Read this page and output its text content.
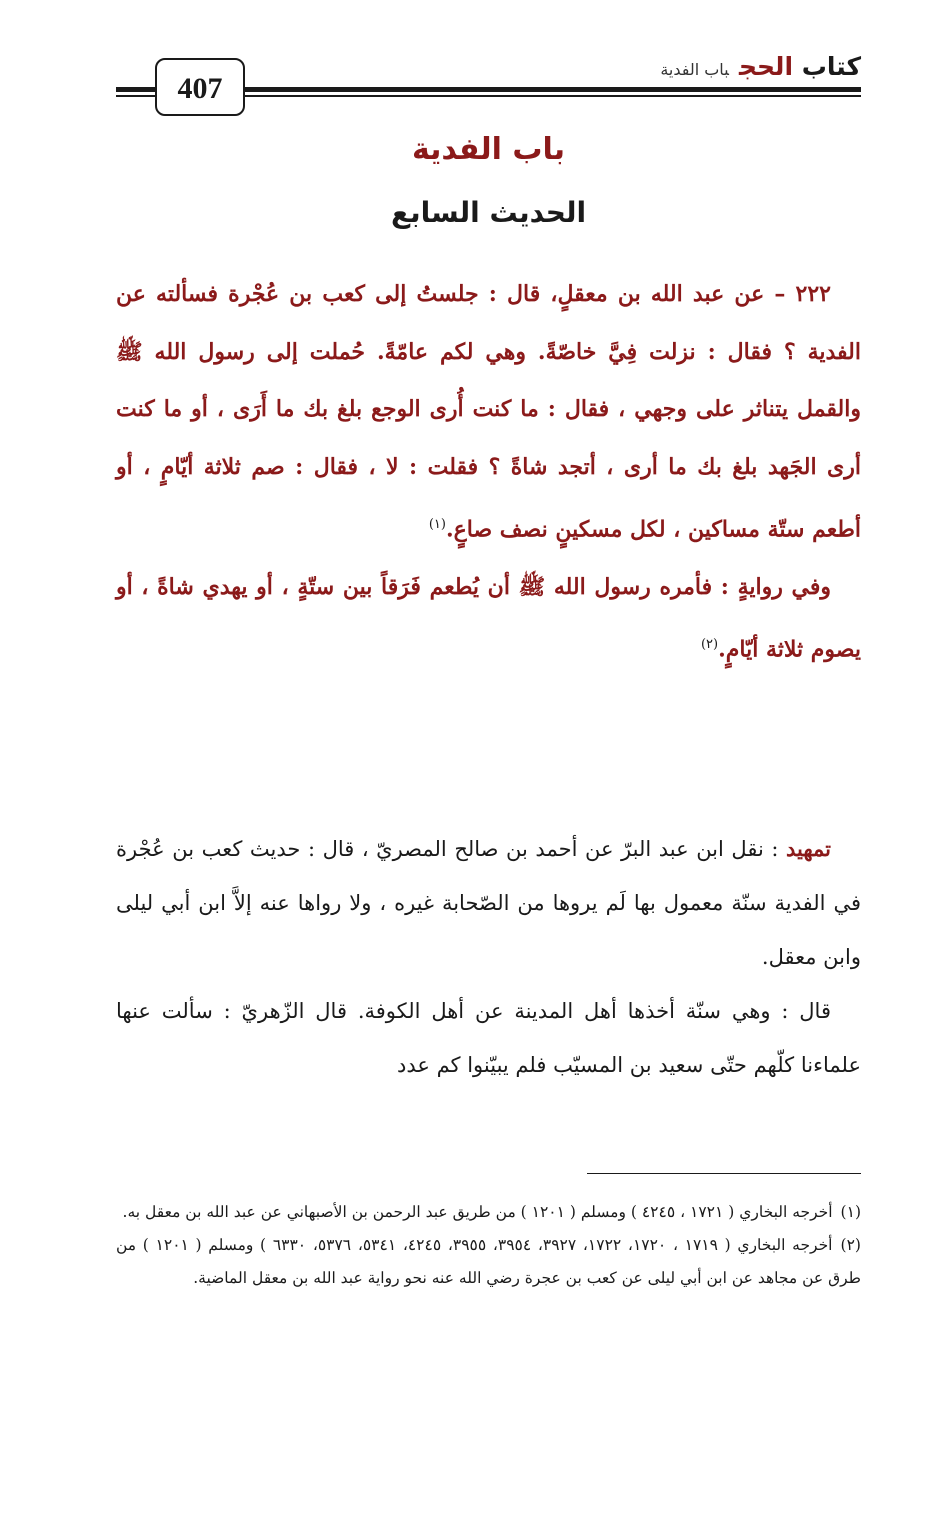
كتاب الحجباب الفدية
407
باب الفدية
الحديث السابع

٢٢٢ – عن عبد الله بن معقلٍ، قال : جلستُ إلى كعب بن عُجْرة فسألته عن الفدية ؟ فقال : نزلت فِيَّ خاصّةً. وهي لكم عامّةً. حُملت إلى رسول الله ﷺ والقمل يتناثر على وجهي ، فقال : ما كنت أُرى الوجع بلغ بك ما أَرَى ، أو ما كنت أرى الجَهد بلغ بك ما أرى ، أتجد شاةً ؟ فقلت : لا ، فقال : صم ثلاثة أيّامٍ ، أو أطعم ستّة مساكين ، لكل مسكينٍ نصف صاعٍ.$^{(١)}$

وفي روايةٍ : فأمره رسول الله ﷺ أن يُطعم فَرَقاً بين ستّةٍ ، أو يهدي شاةً ، أو يصوم ثلاثة أيّامٍ.$^{(٢)}$

تمهيد : نقل ابن عبد البرّ عن أحمد بن صالح المصريّ ، قال : حديث كعب بن عُجْرة في الفدية سنّة معمول بها لَم يروها من الصّحابة غيره ، ولا رواها عنه إلاَّ ابن أبي ليلى وابن معقل.

قال : وهي سنّة أخذها أهل المدينة عن أهل الكوفة. قال الزّهريّ : سألت عنها علماءنا كلّهم حتّى سعيد بن المسيّب فلم يبيّنوا كم عدد

(١)أخرجه البخاري ( ١٧٢١ ، ٤٢٤٥ ) ومسلم ( ١٢٠١ ) من طريق عبد الرحمن بن الأصبهاني عن عبد الله بن معقل به.

(٢)أخرجه البخاري ( ١٧١٩ ، ١٧٢٠، ١٧٢٢، ٣٩٢٧، ٣٩٥٤، ٣٩٥٥، ٤٢٤٥، ٥٣٤١، ٥٣٧٦، ٦٣٣٠ ) ومسلم ( ١٢٠١ ) من طرق عن مجاهد عن ابن أبي ليلى عن كعب بن عجرة رضي الله عنه نحو رواية عبد الله بن معقل الماضية.
